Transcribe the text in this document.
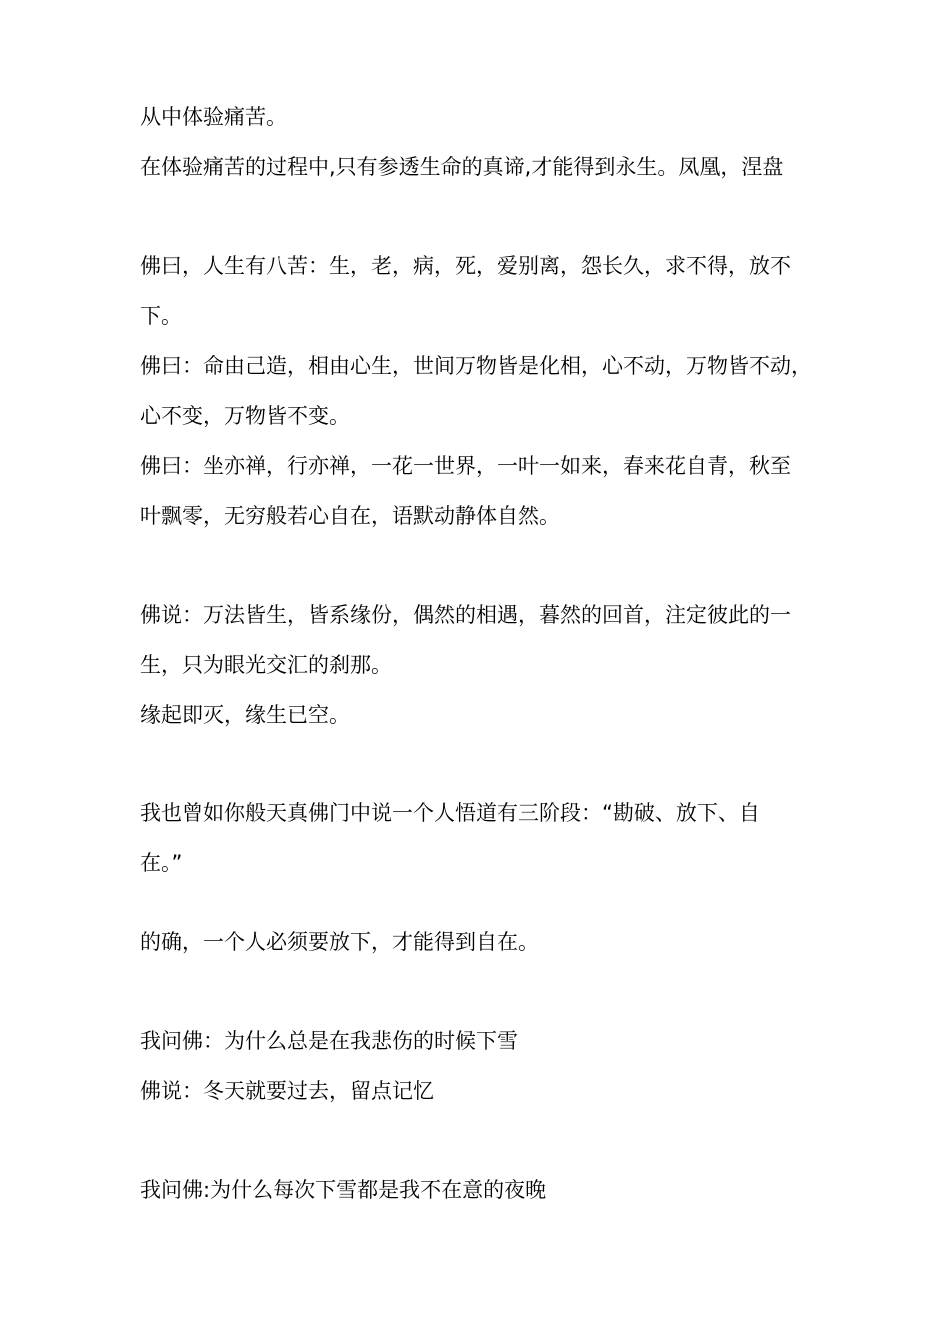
从中体验痛苦。

在体验痛苦的过程中,只有参透生命的真谛,才能得到永生。凤凰，涅盘

佛曰，人生有八苦：生，老，病，死，爱别离，怨长久，求不得，放不

下。

佛曰：命由己造，相由心生，世间万物皆是化相，心不动，万物皆不动，

心不变，万物皆不变。

佛曰：坐亦禅，行亦禅，一花一世界，一叶一如来，春来花自青，秋至

叶飘零，无穷般若心自在，语默动静体自然。

佛说：万法皆生，皆系缘份，偶然的相遇，暮然的回首，注定彼此的一

生，只为眼光交汇的刹那。

缘起即灭，缘生已空。

我也曾如你般天真佛门中说一个人悟道有三阶段：“勘破、放下、自

在。”

的确，一个人必须要放下，才能得到自在。

我问佛：为什么总是在我悲伤的时候下雪

佛说：冬天就要过去，留点记忆

我问佛:为什么每次下雪都是我不在意的夜晚
